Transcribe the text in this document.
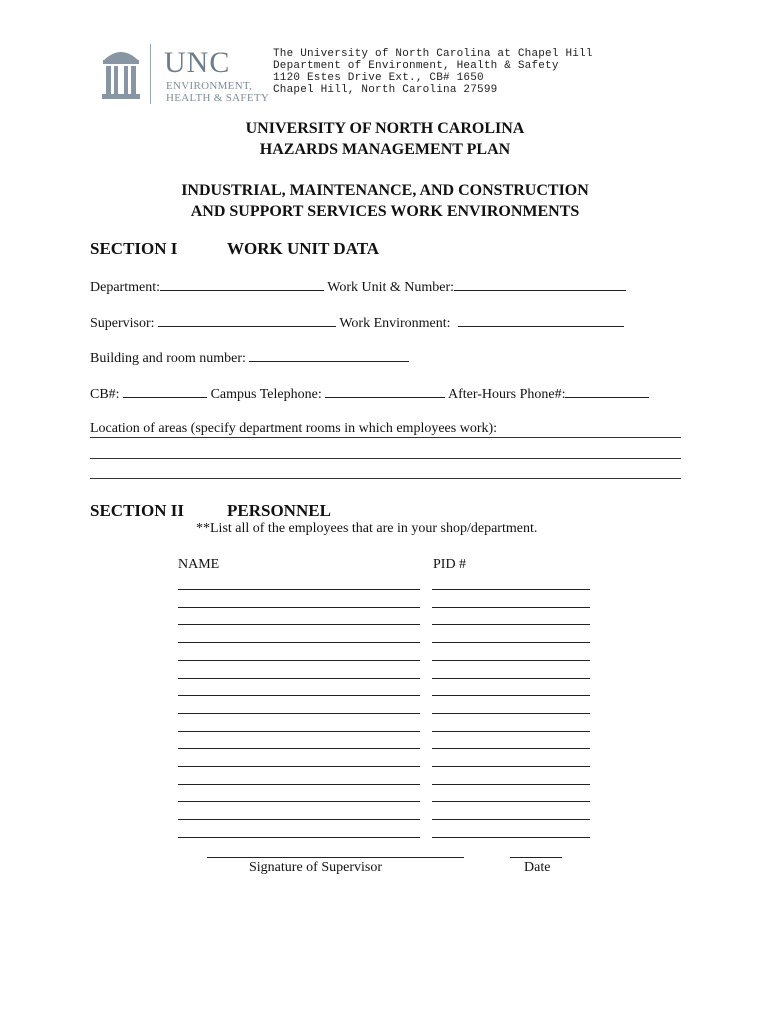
UNC
ENVIRONMENT,
HEALTH & SAFETY
The University of North Carolina at Chapel Hill
Department of Environment, Health & Safety
1120 Estes Drive Ext., CB# 1650
Chapel Hill, North Carolina 27599
UNIVERSITY OF NORTH CAROLINA
HAZARDS MANAGEMENT PLAN
INDUSTRIAL, MAINTENANCE, AND CONSTRUCTION
AND SUPPORT SERVICES WORK ENVIRONMENTS
SECTION I	WORK UNIT DATA
Department:	Work Unit & Number:
Supervisor:	Work Environment:
Building and room number:
CB#:	Campus Telephone:	After-Hours Phone#:
Location of areas (specify department rooms in which employees work):
SECTION II	PERSONNEL
**List all of the employees that are in your shop/department.
NAME	PID #
Signature of Supervisor	Date
